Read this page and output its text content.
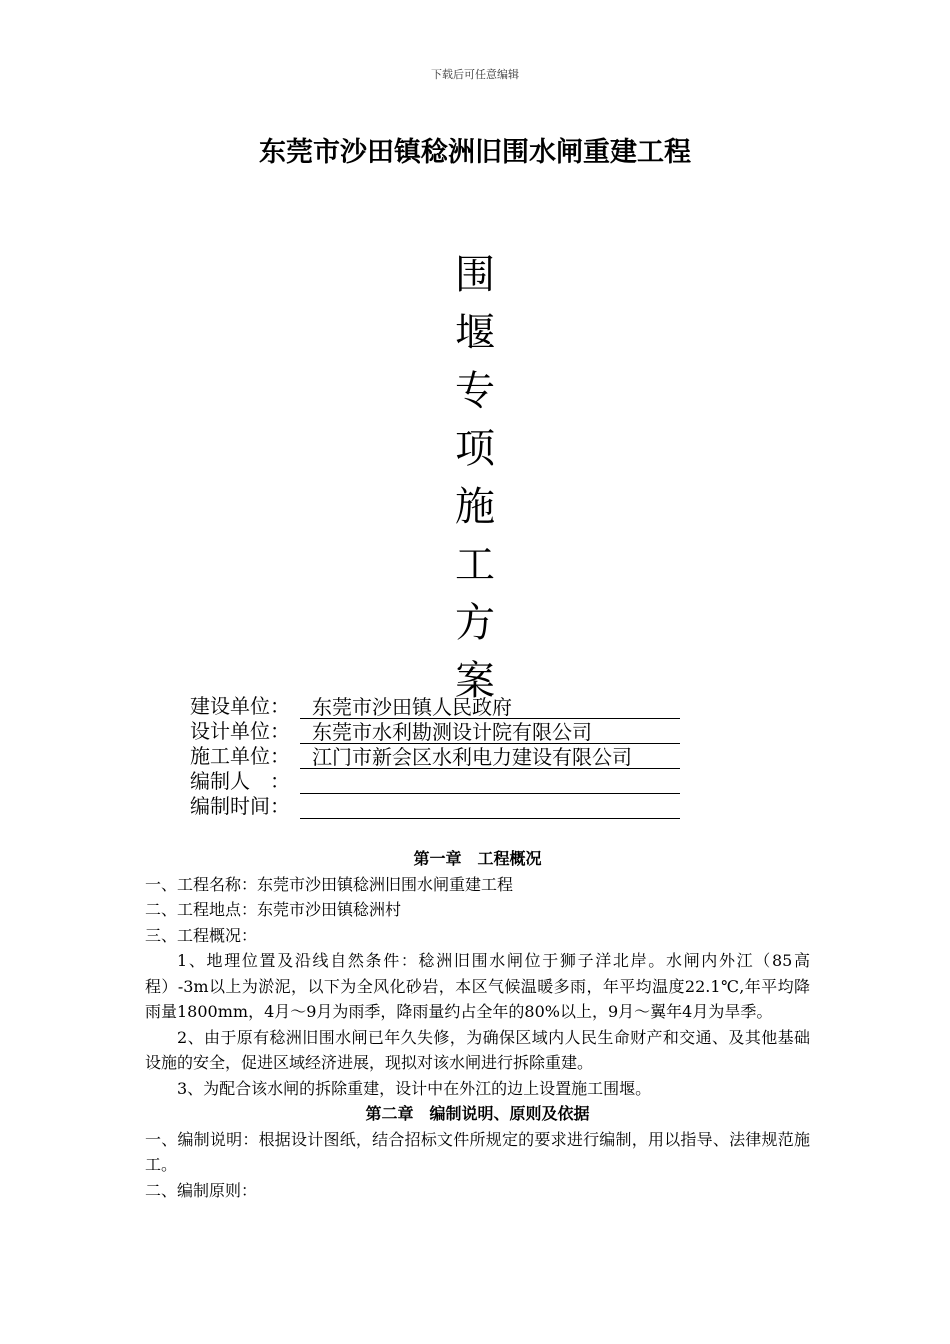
下载后可任意编辑
东莞市沙田镇稔洲旧围水闸重建工程
围
堰
专
项
施
工
方
案
建设单位：	东莞市沙田镇人民政府
设计单位：	东莞市水利勘测设计院有限公司
施工单位：	江门市新会区水利电力建设有限公司
编制人　：
编制时间：
第一章　工程概况

一、工程名称：东莞市沙田镇稔洲旧围水闸重建工程

二、工程地点：东莞市沙田镇稔洲村

三、工程概况：

1、地理位置及沿线自然条件：稔洲旧围水闸位于狮子洋北岸。水闸内外江（85高程）-3m以上为淤泥，以下为全风化砂岩，本区气候温暖多雨，年平均温度22.1℃,年平均降雨量1800mm，4月～9月为雨季，降雨量约占全年的80%以上，9月～翼年4月为旱季。

2、由于原有稔洲旧围水闸已年久失修，为确保区域内人民生命财产和交通、及其他基础设施的安全，促进区域经济进展，现拟对该水闸进行拆除重建。

3、为配合该水闸的拆除重建，设计中在外江的边上设置施工围堰。

第二章　编制说明、原则及依据

一、编制说明：根据设计图纸，结合招标文件所规定的要求进行编制，用以指导、法律规范施工。

二、编制原则：
